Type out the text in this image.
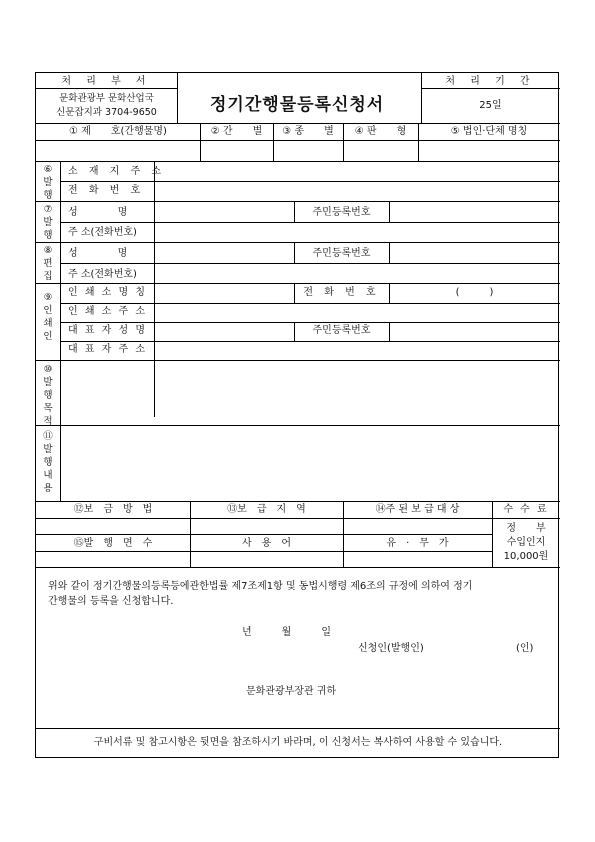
처 리 부 서
문화관광부 문화산업국
신문잡지과 3704-9650	정기간행물등록신청서
처 리 기 간
25일
① 제　　호(간행물명)	② 간　　별	③ 종　　별	④ 판　　형	⑤ 법인·단체 명칭
⑥
발
행
소 재 지 주 소
전 화 번 호
⑦
발
행
성　　　　명	주민등록번호
주 소(전화번호)
⑧
편
집
성　　　　명	주민등록번호
주 소(전화번호)
⑨
인
쇄
인
인 쇄 소 명 칭	전 화 번 호	(　　　)
인 쇄 소 주 소
대 표 자 성 명	주민등록번호
대 표 자 주 소
⑩
발
행
목
적
⑪
발
행
내
용
⑫보　금　방　법	⑬보　급　지　역	⑭주 된 보 급 대 상	수 수 료
⑮발　행　면　수	사　용　어	유　·　무　가
정　　부
수입인지
10,000원
위와 같이 정기간행물의등록등에관한법률 제7조제1항 및 동법시행령 제6조의 규정에 의하여 정기
간행물의 등록을 신청합니다.
년　　　월　　　일
신청인(발행인)	(인)
문화관광부장관 귀하
구비서류 및 참고시항은 뒷면을 참조하시기 바라며, 이 신청서는 복사하여 사용할 수 있습니다.
